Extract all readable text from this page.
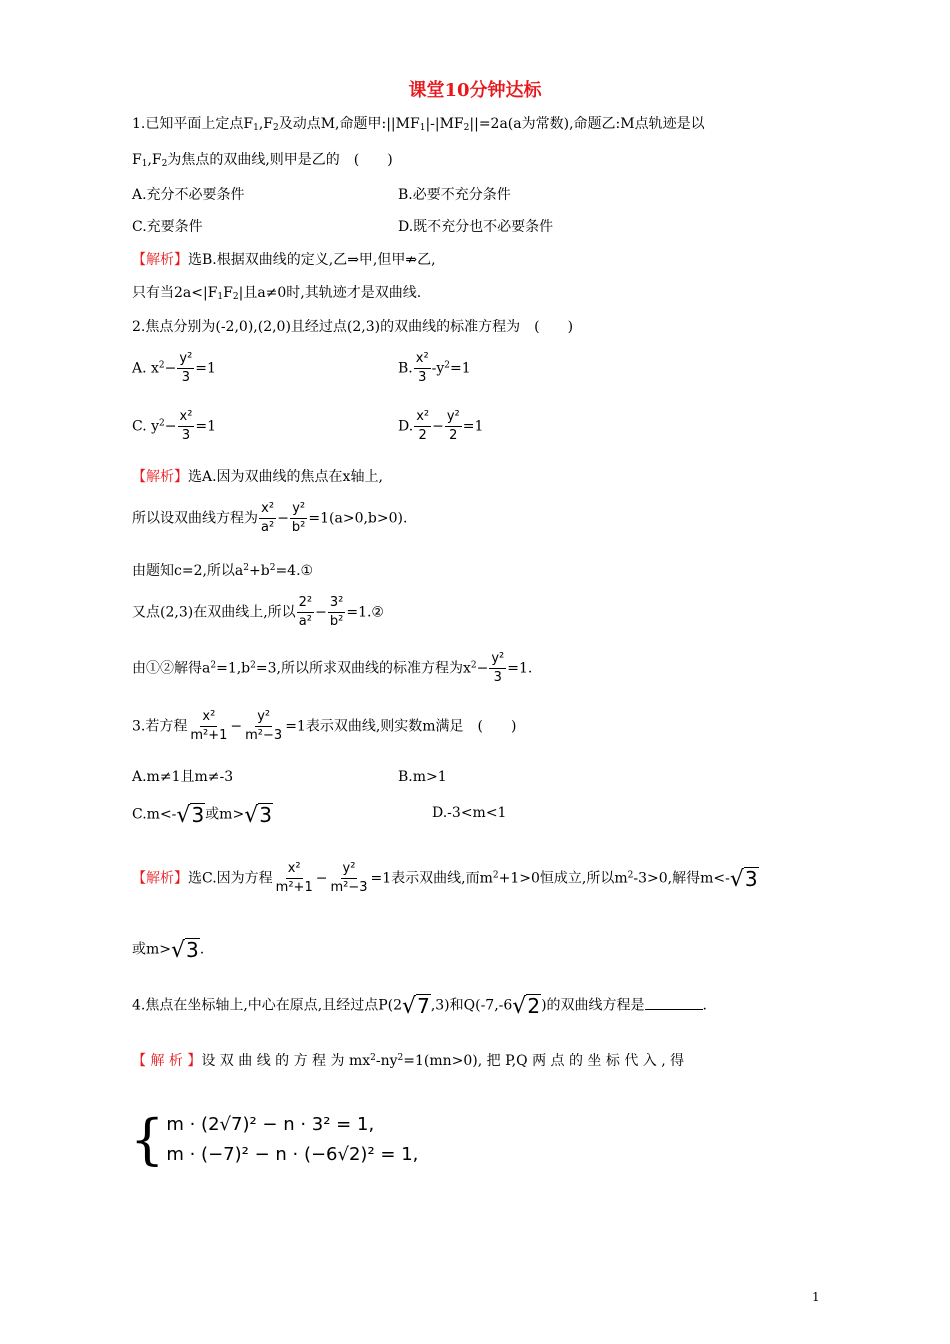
课堂10分钟达标
1.已知平面上定点$F_1,F_2$及动点M,命题甲$:||MF_1|-|MF_2||=2a(a$为常数),命题乙:M点轨迹是以
$F_1,F_2$为焦点的双曲线,则甲是乙的　(　　)
A.充分不必要条件	B.必要不充分条件
C.充要条件	D.既不充分也不必要条件
【解析】选B.根据双曲线的定义,乙⇒甲,但甲⇏乙,
只有当$2a<|F_1F_2|$且a≠0时,其轨迹才是双曲线.
2.焦点分别为(-2,0),(2,0)且经过点(2,3)的双曲线的标准方程为　(　　)
A. $x^2- \frac{\text{y²}}{3} =1$	B. $\frac{\text{x²}}{3} -y^2=1$
C. $y^2- \frac{\text{x²}}{3} =1$	D. $\frac{\text{x²}}{2} - \frac{\text{y²}}{2} =1$
【解析】选A.因为双曲线的焦点在x轴上,
所以设双曲线方程为 $\frac{\text{x²}}{\text{a²}} - \frac{\text{y²}}{\text{b²}} =1(a>0,b>0)$.
由题知c=2,所以$a^2+b^2=4.①$
又点(2,3)在双曲线上,所以 $\frac{\text{2²}}{\text{a²}} - \frac{\text{3²}}{\text{b²}}$ =1.②
由①②解得$a^2=1,b^2=3$,所以所求双曲线的标准方程为$x^2- \frac{\text{y²}}{3} =1$.
3.若方程 $\frac{\text{x²}}{\text{m²+1}} - \frac{\text{y²}}{\text{m²−3}} =1$表示双曲线,则实数m满足　(　　)
A.m≠1且m≠-3	B.m>1
C.m<- √ 3 或m> √ 3	D.-3<m<1
【解析】选C.因为方程 $\frac{\text{x²}}{\text{m²+1}} - \frac{\text{y²}}{\text{m²−3}} =1$表示双曲线,而$m^2+1>0$恒成立,所以$m^2-3>0$,解得m<- √ 3
或m> √ 3 .
4.焦点在坐标轴上,中心在原点,且经过点P(2 √ 7 ,3)和Q(-7,-6 √ 2 )的双曲线方程是	.
【 解 析 】设 双 曲 线 的 方 程 为 $mx^2-ny^2=1(mn>0)$, 把 P,Q 两 点 的 坐 标 代 入 , 得
{ m · (2√7)² − n · 3² = 1,
m · (−7)² − n · (−6√2)² = 1,
1
